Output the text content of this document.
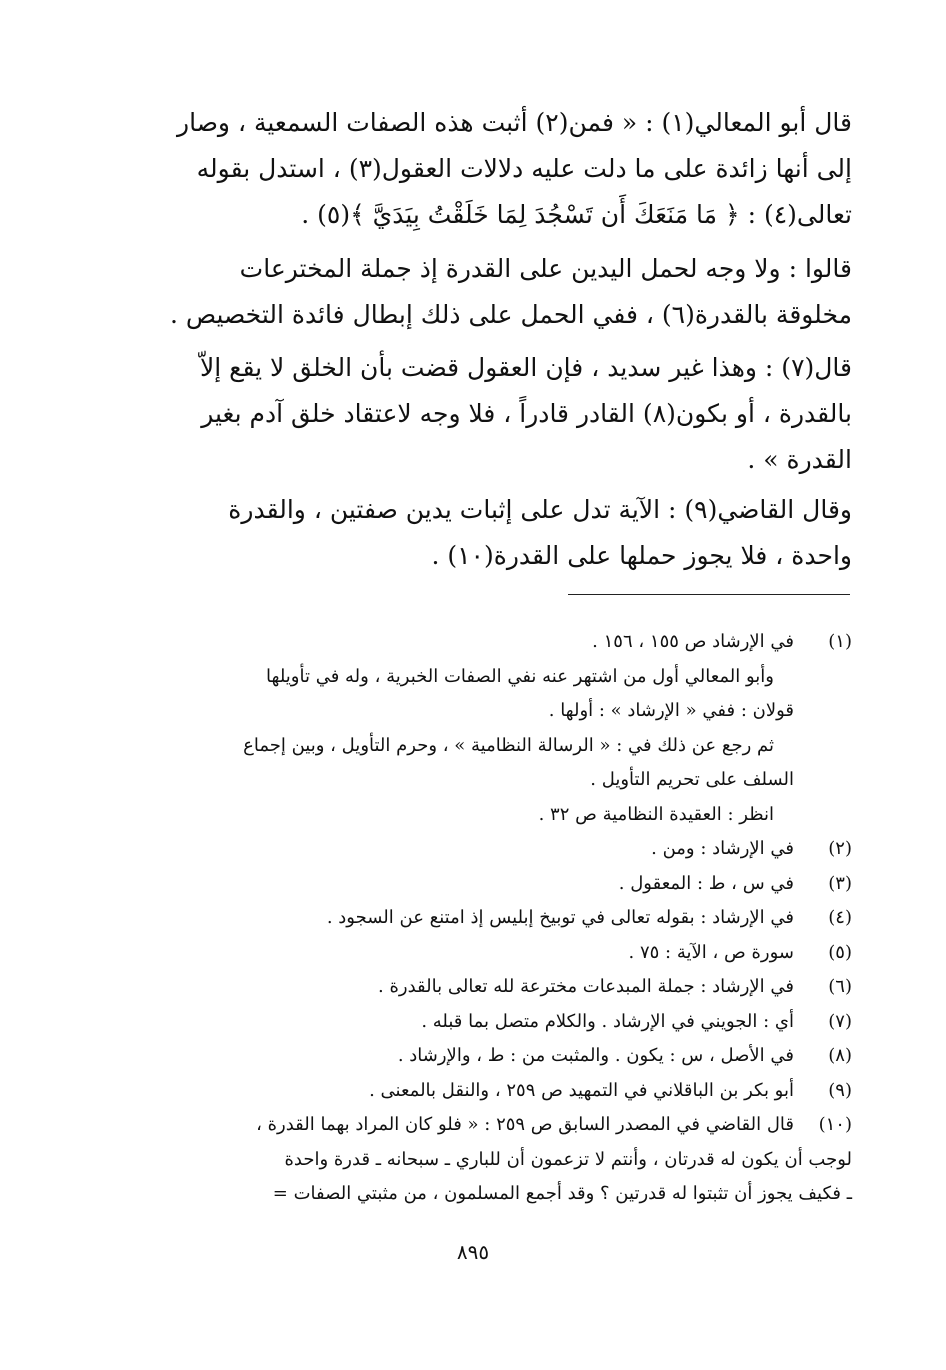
قال أبو المعالي(١) : « فمن(٢) أثبت هذه الصفات السمعية ، وصار

إلى أنها زائدة على ما دلت عليه دلالات العقول(٣) ، استدل بقوله

تعالى(٤) : ﴿ مَا مَنَعَكَ أَن تَسْجُدَ لِمَا خَلَقْتُ بِيَدَيَّ ﴾(٥) .

قالوا : ولا وجه لحمل اليدين على القدرة إذ جملة المخترعات

مخلوقة بالقدرة(٦) ، ففي الحمل على ذلك إبطال فائدة التخصيص .

قال(٧) : وهذا غير سديد ، فإن العقول قضت بأن الخلق لا يقع إلاّ

بالقدرة ، أو بكون(٨) القادر قادراً ، فلا وجه لاعتقاد خلق آدم بغير

القدرة » .

وقال القاضي(٩) : الآية تدل على إثبات يدين صفتين ، والقدرة

واحدة ، فلا يجوز حملها على القدرة(١٠) .

(١)
في الإرشاد ص ١٥٥ ، ١٥٦ .
وأبو المعالي أول من اشتهر عنه نفي الصفات الخبرية ، وله في تأويلها
قولان : ففي « الإرشاد » : أولها .
ثم رجع عن ذلك في : « الرسالة النظامية » ، وحرم التأويل ، وبين إجماع
السلف على تحريم التأويل .
انظر : العقيدة النظامية ص ٣٢ .
(٢)
في الإرشاد : ومن .
(٣)
في س ، ط : المعقول .
(٤)
في الإرشاد : بقوله تعالى في توبيخ إبليس إذ امتنع عن السجود .
(٥)
سورة ص ، الآية : ٧٥ .
(٦)
في الإرشاد : جملة المبدعات مخترعة لله تعالى بالقدرة .
(٧)
أي : الجويني في الإرشاد . والكلام متصل بما قبله .
(٨)
في الأصل ، س : يكون . والمثبت من : ط ، والإرشاد .
(٩)
أبو بكر بن الباقلاني في التمهيد ص ٢٥٩ ، والنقل بالمعنى .
(١٠)
قال القاضي في المصدر السابق ص ٢٥٩ : « فلو كان المراد بهما القدرة ،
لوجب أن يكون له قدرتان ، وأنتم لا تزعمون أن للباري ـ سبحانه ـ قدرة واحدة
ـ فكيف يجوز أن تثبتوا له قدرتين ؟ وقد أجمع المسلمون ، من مثبتي الصفات =
٨٩٥
